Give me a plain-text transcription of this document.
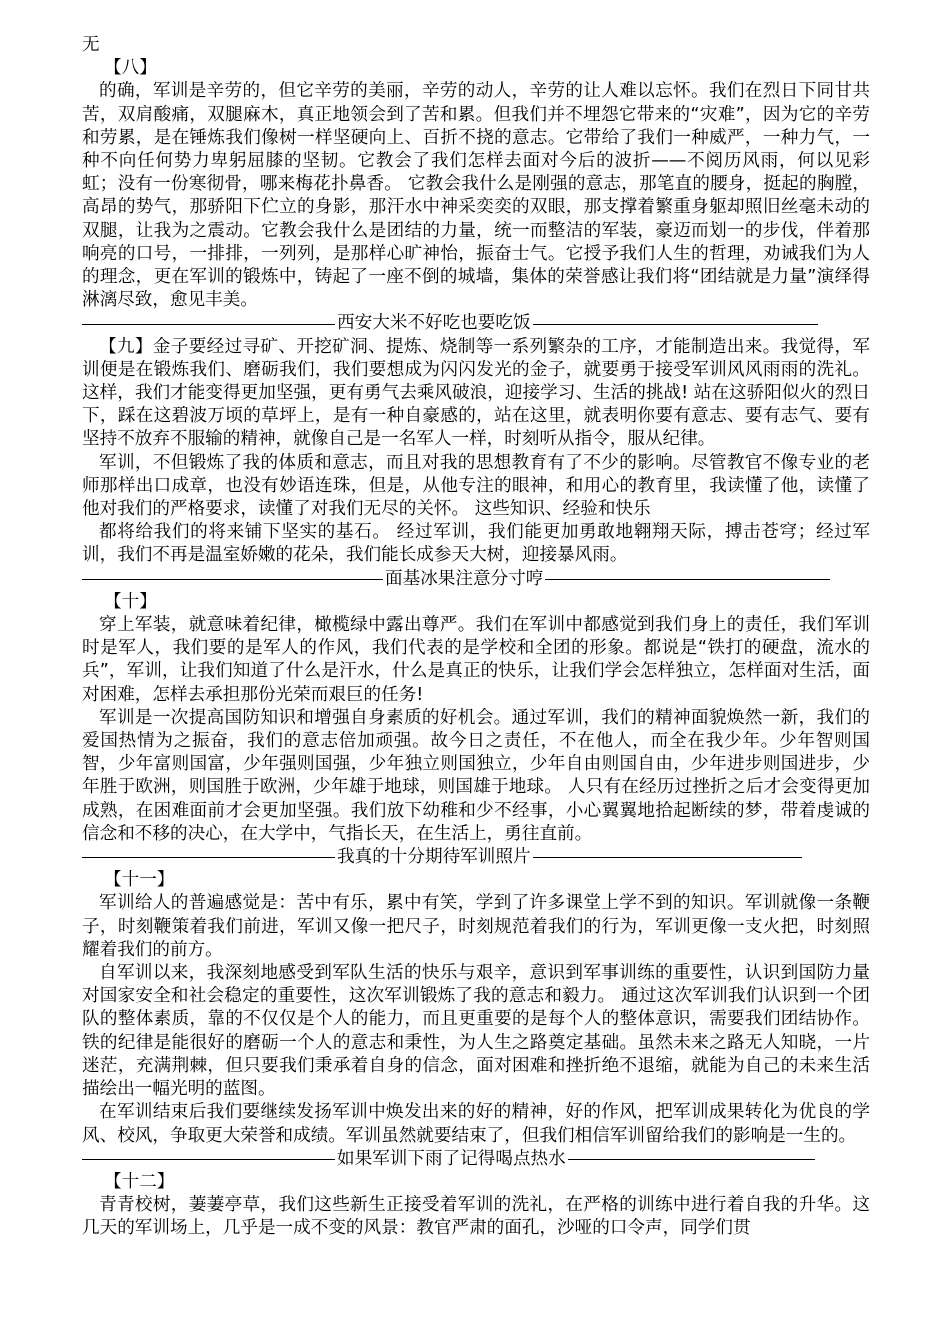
无
【八】
的确，军训是辛劳的，但它辛劳的美丽，辛劳的动人，辛劳的让人难以忘怀。我们在烈日下同甘共苦，双肩酸痛，双腿麻木，真正地领会到了苦和累。但我们并不埋怨它带来的“灾难”，因为它的辛劳和劳累，是在锤炼我们像树一样坚硬向上、百折不挠的意志。它带给了我们一种威严，一种力气，一种不向任何势力卑躬屈膝的坚韧。它教会了我们怎样去面对今后的波折——不阅历风雨，何以见彩虹；没有一份寒彻骨，哪来梅花扑鼻香。 它教会我什么是刚强的意志，那笔直的腰身，挺起的胸膛，高昂的势气，那骄阳下伫立的身影，那汗水中神采奕奕的双眼，那支撑着繁重身躯却照旧丝毫未动的双腿，让我为之震动。它教会我什么是团结的力量，统一而整洁的军装，豪迈而划一的步伐，伴着那响亮的口号，一排排，一列列，是那样心旷神怡，振奋士气。它授予我们人生的哲理，劝诫我们为人的理念，更在军训的锻炼中，铸起了一座不倒的城墙，集体的荣誉感让我们将“团结就是力量”演绎得淋漓尽致，愈见丰美。
西安大米不好吃也要吃饭
【九】金子要经过寻矿、开挖矿洞、提炼、烧制等一系列繁杂的工序，才能制造出来。我觉得，军训便是在锻炼我们、磨砺我们，我们要想成为闪闪发光的金子，就要勇于接受军训风风雨雨的洗礼。这样，我们才能变得更加坚强，更有勇气去乘风破浪，迎接学习、生活的挑战! 站在这骄阳似火的烈日下，踩在这碧波万顷的草坪上，是有一种自豪感的，站在这里，就表明你要有意志、要有志气、要有坚持不放弃不服输的精神，就像自己是一名军人一样，时刻听从指令，服从纪律。
军训，不但锻炼了我的体质和意志，而且对我的思想教育有了不少的影响。尽管教官不像专业的老师那样出口成章，也没有妙语连珠，但是，从他专注的眼神，和用心的教育里，我读懂了他，读懂了他对我们的严格要求，读懂了对我们无尽的关怀。 这些知识、经验和快乐
都将给我们的将来铺下坚实的基石。 经过军训，我们能更加勇敢地翱翔天际，搏击苍穹；经过军训，我们不再是温室娇嫩的花朵，我们能长成参天大树，迎接暴风雨。
面基冰果注意分寸哼
【十】
穿上军装，就意味着纪律，橄榄绿中露出尊严。我们在军训中都感觉到我们身上的责任，我们军训时是军人，我们要的是军人的作风，我们代表的是学校和全团的形象。都说是“铁打的硬盘，流水的兵”，军训，让我们知道了什么是汗水，什么是真正的快乐，让我们学会怎样独立，怎样面对生活，面对困难，怎样去承担那份光荣而艰巨的任务!
军训是一次提高国防知识和增强自身素质的好机会。通过军训，我们的精神面貌焕然一新，我们的爱国热情为之振奋，我们的意志倍加顽强。故今日之责任，不在他人，而全在我少年。少年智则国智，少年富则国富，少年强则国强，少年独立则国独立，少年自由则国自由，少年进步则国进步，少年胜于欧洲，则国胜于欧洲，少年雄于地球，则国雄于地球。 人只有在经历过挫折之后才会变得更加成熟，在困难面前才会更加坚强。我们放下幼稚和少不经事，小心翼翼地拾起断续的梦，带着虔诚的信念和不移的决心，在大学中，气指长天，在生活上，勇往直前。
我真的十分期待军训照片
【十一】
军训给人的普遍感觉是：苦中有乐，累中有笑，学到了许多课堂上学不到的知识。军训就像一条鞭子，时刻鞭策着我们前进，军训又像一把尺子，时刻规范着我们的行为，军训更像一支火把，时刻照耀着我们的前方。
自军训以来，我深刻地感受到军队生活的快乐与艰辛，意识到军事训练的重要性，认识到国防力量对国家安全和社会稳定的重要性，这次军训锻炼了我的意志和毅力。 通过这次军训我们认识到一个团队的整体素质，靠的不仅仅是个人的能力，而且更重要的是每个人的整体意识，需要我们团结协作。 铁的纪律是能很好的磨砺一个人的意志和秉性，为人生之路奠定基础。虽然未来之路无人知晓，一片迷茫，充满荆棘，但只要我们秉承着自身的信念，面对困难和挫折绝不退缩，就能为自己的未来生活描绘出一幅光明的蓝图。
在军训结束后我们要继续发扬军训中焕发出来的好的精神，好的作风，把军训成果转化为优良的学风、校风，争取更大荣誉和成绩。军训虽然就要结束了，但我们相信军训留给我们的影响是一生的。
如果军训下雨了记得喝点热水
【十二】
青青校树，萋萋亭草，我们这些新生正接受着军训的洗礼，在严格的训练中进行着自我的升华。这几天的军训场上，几乎是一成不变的风景：教官严肃的面孔，沙哑的口令声，同学们贯
